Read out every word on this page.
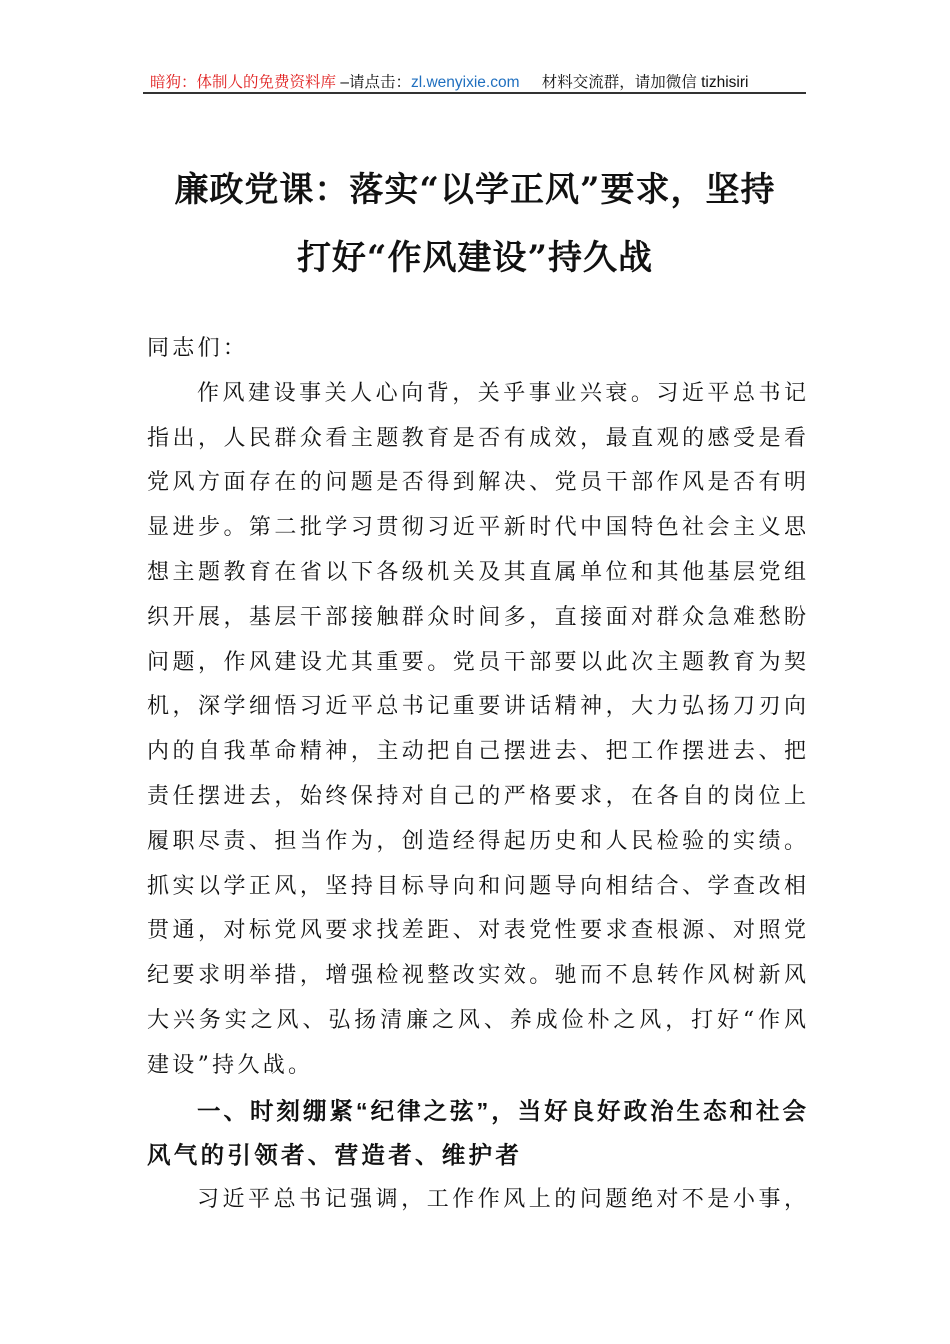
暗狗：体制人的免费资料库 –请点击：zl.wenyixie.com 材料交流群，请加微信 tizhisiri
廉政党课：落实“以学正风”要求，坚持
打好“作风建设”持久战
同志们：
作风建设事关人心向背，关乎事业兴衰。习近平总书记
指出，人民群众看主题教育是否有成效，最直观的感受是看
党风方面存在的问题是否得到解决、党员干部作风是否有明
显进步。第二批学习贯彻习近平新时代中国特色社会主义思
想主题教育在省以下各级机关及其直属单位和其他基层党组
织开展，基层干部接触群众时间多，直接面对群众急难愁盼
问题，作风建设尤其重要。党员干部要以此次主题教育为契
机，深学细悟习近平总书记重要讲话精神，大力弘扬刀刃向
内的自我革命精神，主动把自己摆进去、把工作摆进去、把
责任摆进去，始终保持对自己的严格要求，在各自的岗位上
履职尽责、担当作为，创造经得起历史和人民检验的实绩。
抓实以学正风，坚持目标导向和问题导向相结合、学查改相
贯通，对标党风要求找差距、对表党性要求查根源、对照党
纪要求明举措，增强检视整改实效。驰而不息转作风树新风
大兴务实之风、弘扬清廉之风、养成俭朴之风，打好“作风
建设”持久战。
一、时刻绷紧“纪律之弦”，当好良好政治生态和社会
风气的引领者、营造者、维护者
习近平总书记强调，工作作风上的问题绝对不是小事，
